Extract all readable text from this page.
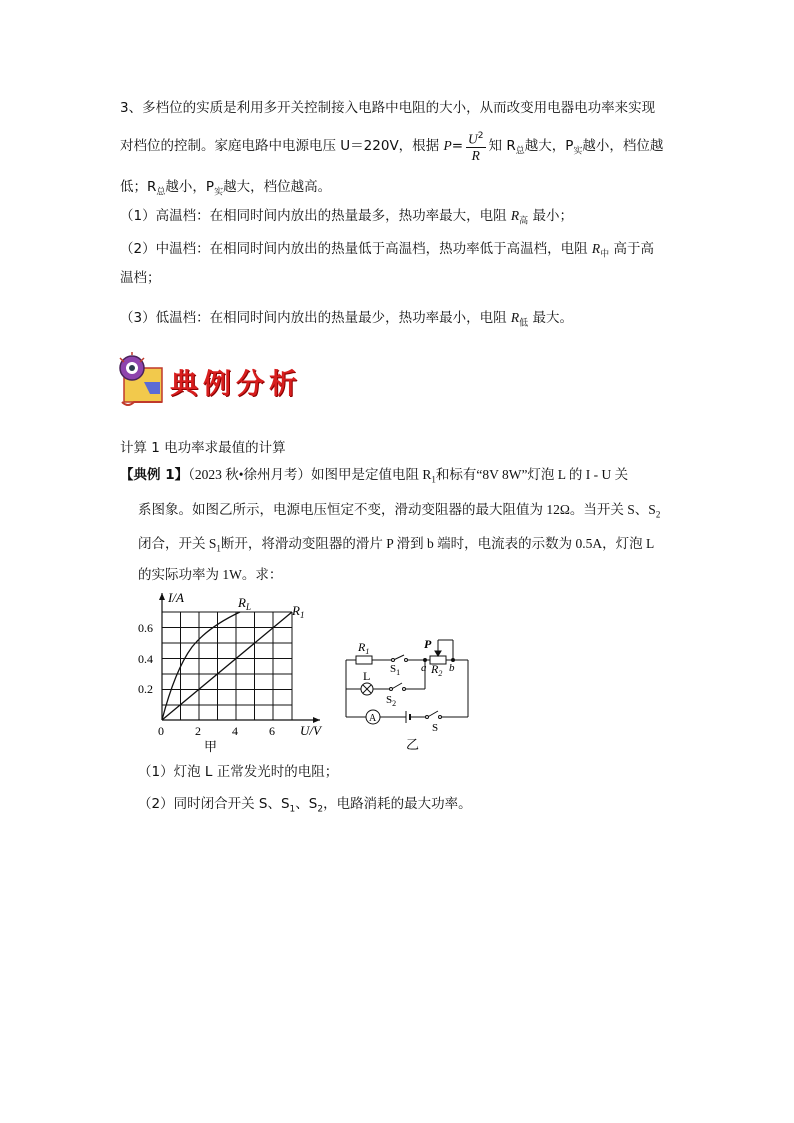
3、多档位的实质是利用多开关控制接入电路中电阻的大小，从而改变用电器电功率来实现
对档位的控制。家庭电路中电源电压 U＝220V，根据 $P= \frac{U^2}{R}$ 知 $R_总$越大，$P_实$越小，档位越
低；$R_总$越小，$P_实$越大，档位越高。
（1）高温档：在相同时间内放出的热量最多，热功率最大，电阻 $R_高$ 最小；
（2）中温档：在相同时间内放出的热量低于高温档，热功率低于高温档，电阻 $R_中$ 高于高
温档；
（3）低温档：在相同时间内放出的热量最少，热功率最小，电阻 $R_低$ 最大。
典例分析
计算 1 电功率求最值的计算
【典例 1】（2023 秋•徐州月考）如图甲是定值电阻 $R_1$和标有“8V 8W”灯泡 L 的 I - U 关
系图象。如图乙所示，电源电压恒定不变，滑动变阻器的最大阻值为 12Ω。当开关 S、$S_2$
闭合，开关 $S_1$断开，将滑动变阻器的滑片 P 滑到 b 端时，电流表的示数为 0.5A，灯泡 L
的实际功率为 1W。求：
I/A
U/V
0.6
0.4
0.2
0	2	4	6
$R_L$	$R_1$
甲
$R_1$
$S_1$
P
a b
$R_2$
L
$S_2$
A
S
乙
（1）灯泡 L 正常发光时的电阻；
（2）同时闭合开关 S、$S_1$、$S_2$，电路消耗的最大功率。
